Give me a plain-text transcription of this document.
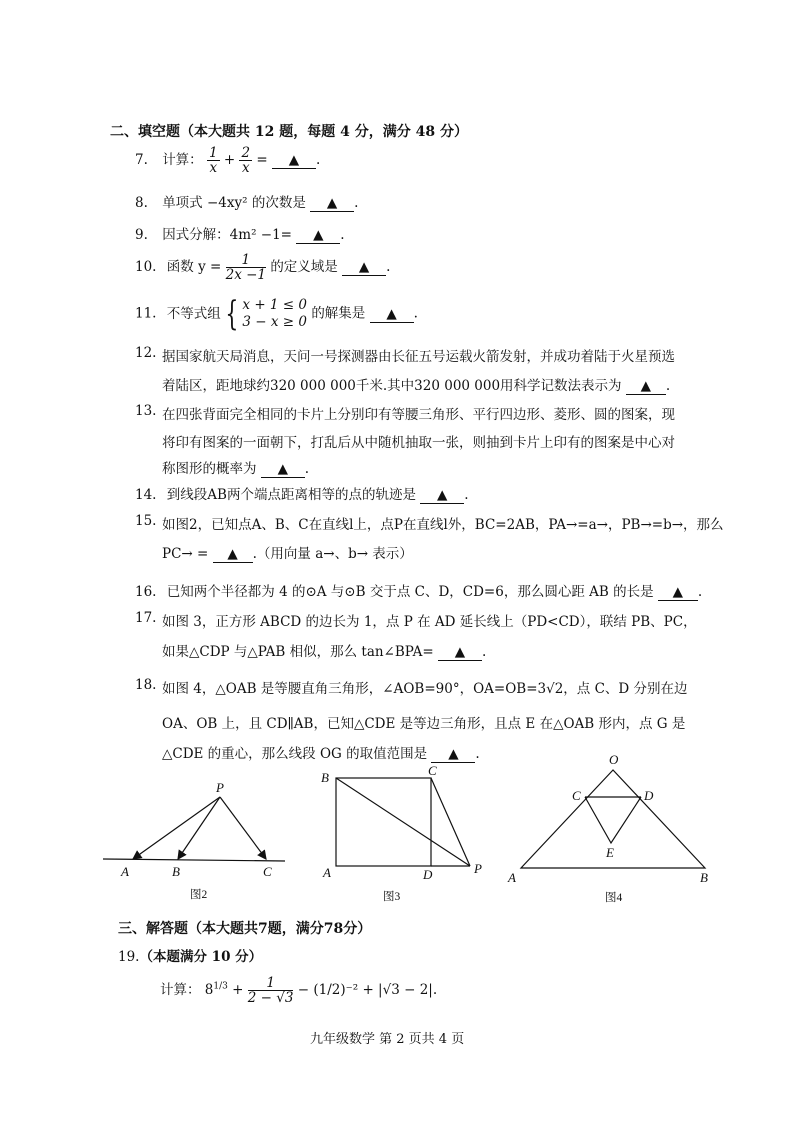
二、填空题（本大题共 12 题，每题 4 分，满分 48 分）
7. 计算： $\frac{1}{x} + \frac{2}{x}$ = ▲ .
8. 单项式 −4xy² 的次数是 ▲ .
9. 因式分解：4m² −1= ▲ .
10. 函数 $y = \frac{1}{2x -1}$ 的定义域是 ▲ .
11. 不等式组 { x + 1 ≤ 0
3 − x ≥ 0
的解集是 ▲ .
12. 据国家航天局消息，天问一号探测器由长征五号运载火箭发射，并成功着陆于火星预选
着陆区，距地球约320 000 000千米.其中320 000 000用科学记数法表示为 ▲ .
13. 在四张背面完全相同的卡片上分别印有等腰三角形、平行四边形、菱形、圆的图案，现
将印有图案的一面朝下，打乱后从中随机抽取一张，则抽到卡片上印有的图案是中心对
称图形的概率为 ▲ .
14. 到线段AB两个端点距离相等的点的轨迹是 ▲ .
15. 如图2，已知点A、B、C在直线l上，点P在直线l外，BC=2AB，PA→=a→，PB→=b→，那么
PC→ = ▲ .（用向量 a→、b→ 表示）
16. 已知两个半径都为 4 的⊙A 与⊙B 交于点 C、D，CD=6，那么圆心距 AB 的长是 ▲ .
17. 如图 3，正方形 ABCD 的边长为 1，点 P 在 AD 延长线上（PD<CD），联结 PB、PC，
如果△CDP 与△PAB 相似，那么 tan∠BPA= ▲ .
18. 如图 4，△OAB 是等腰直角三角形，∠AOB=90°，OA=OB=3√2，点 C、D 分别在边
OA、OB 上，且 CD∥AB，已知△CDE 是等边三角形，且点 E 在△OAB 形内，点 G 是
△CDE 的重心，那么线段 OG 的取值范围是 ▲ .
P
A	B	C
图2
B	C
A	D	P
图3
O
C	D
E
A	B
图4
三、解答题（本大题共7题，满分78分）
19.（本题满分 10 分）
计算： $8^{1/3} + \frac{1}{2 - √3} - (1/2)^{-2} + |√3 - 2|$.
九年级数学 第 2 页共 4 页
